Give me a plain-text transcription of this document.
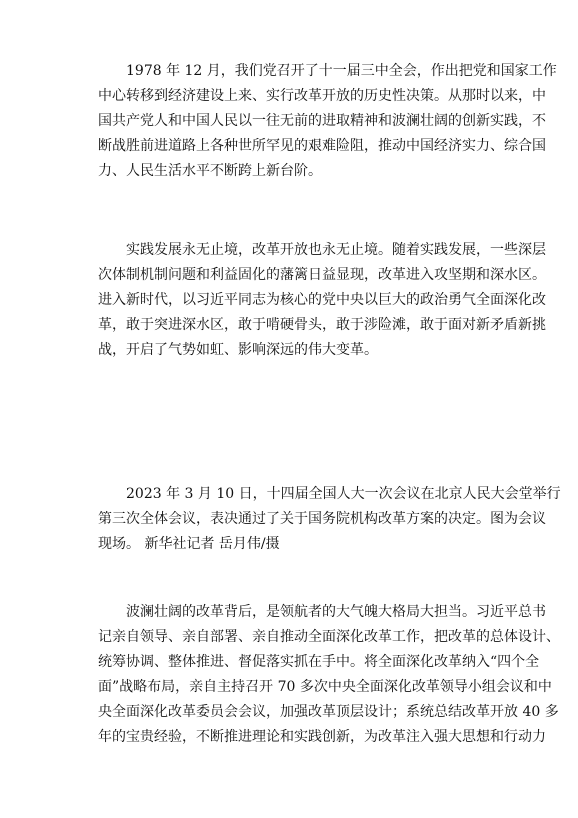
1978 年 12 月，我们党召开了十一届三中全会，作出把党和国家工作
中心转移到经济建设上来、实行改革开放的历史性决策。从那时以来，中
国共产党人和中国人民以一往无前的进取精神和波澜壮阔的创新实践，不
断战胜前进道路上各种世所罕见的艰难险阻，推动中国经济实力、综合国
力、人民生活水平不断跨上新台阶。
实践发展永无止境，改革开放也永无止境。随着实践发展，一些深层
次体制机制问题和利益固化的藩篱日益显现，改革进入攻坚期和深水区。
进入新时代，以习近平同志为核心的党中央以巨大的政治勇气全面深化改
革，敢于突进深水区，敢于啃硬骨头，敢于涉险滩，敢于面对新矛盾新挑
战，开启了气势如虹、影响深远的伟大变革。
2023 年 3 月 10 日，十四届全国人大一次会议在北京人民大会堂举行
第三次全体会议，表决通过了关于国务院机构改革方案的决定。图为会议
现场。 新华社记者 岳月伟/摄
波澜壮阔的改革背后，是领航者的大气魄大格局大担当。习近平总书
记亲自领导、亲自部署、亲自推动全面深化改革工作，把改革的总体设计、
统筹协调、整体推进、督促落实抓在手中。将全面深化改革纳入“四个全
面”战略布局，亲自主持召开 70 多次中央全面深化改革领导小组会议和中
央全面深化改革委员会会议，加强改革顶层设计；系统总结改革开放 40 多
年的宝贵经验，不断推进理论和实践创新，为改革注入强大思想和行动力
